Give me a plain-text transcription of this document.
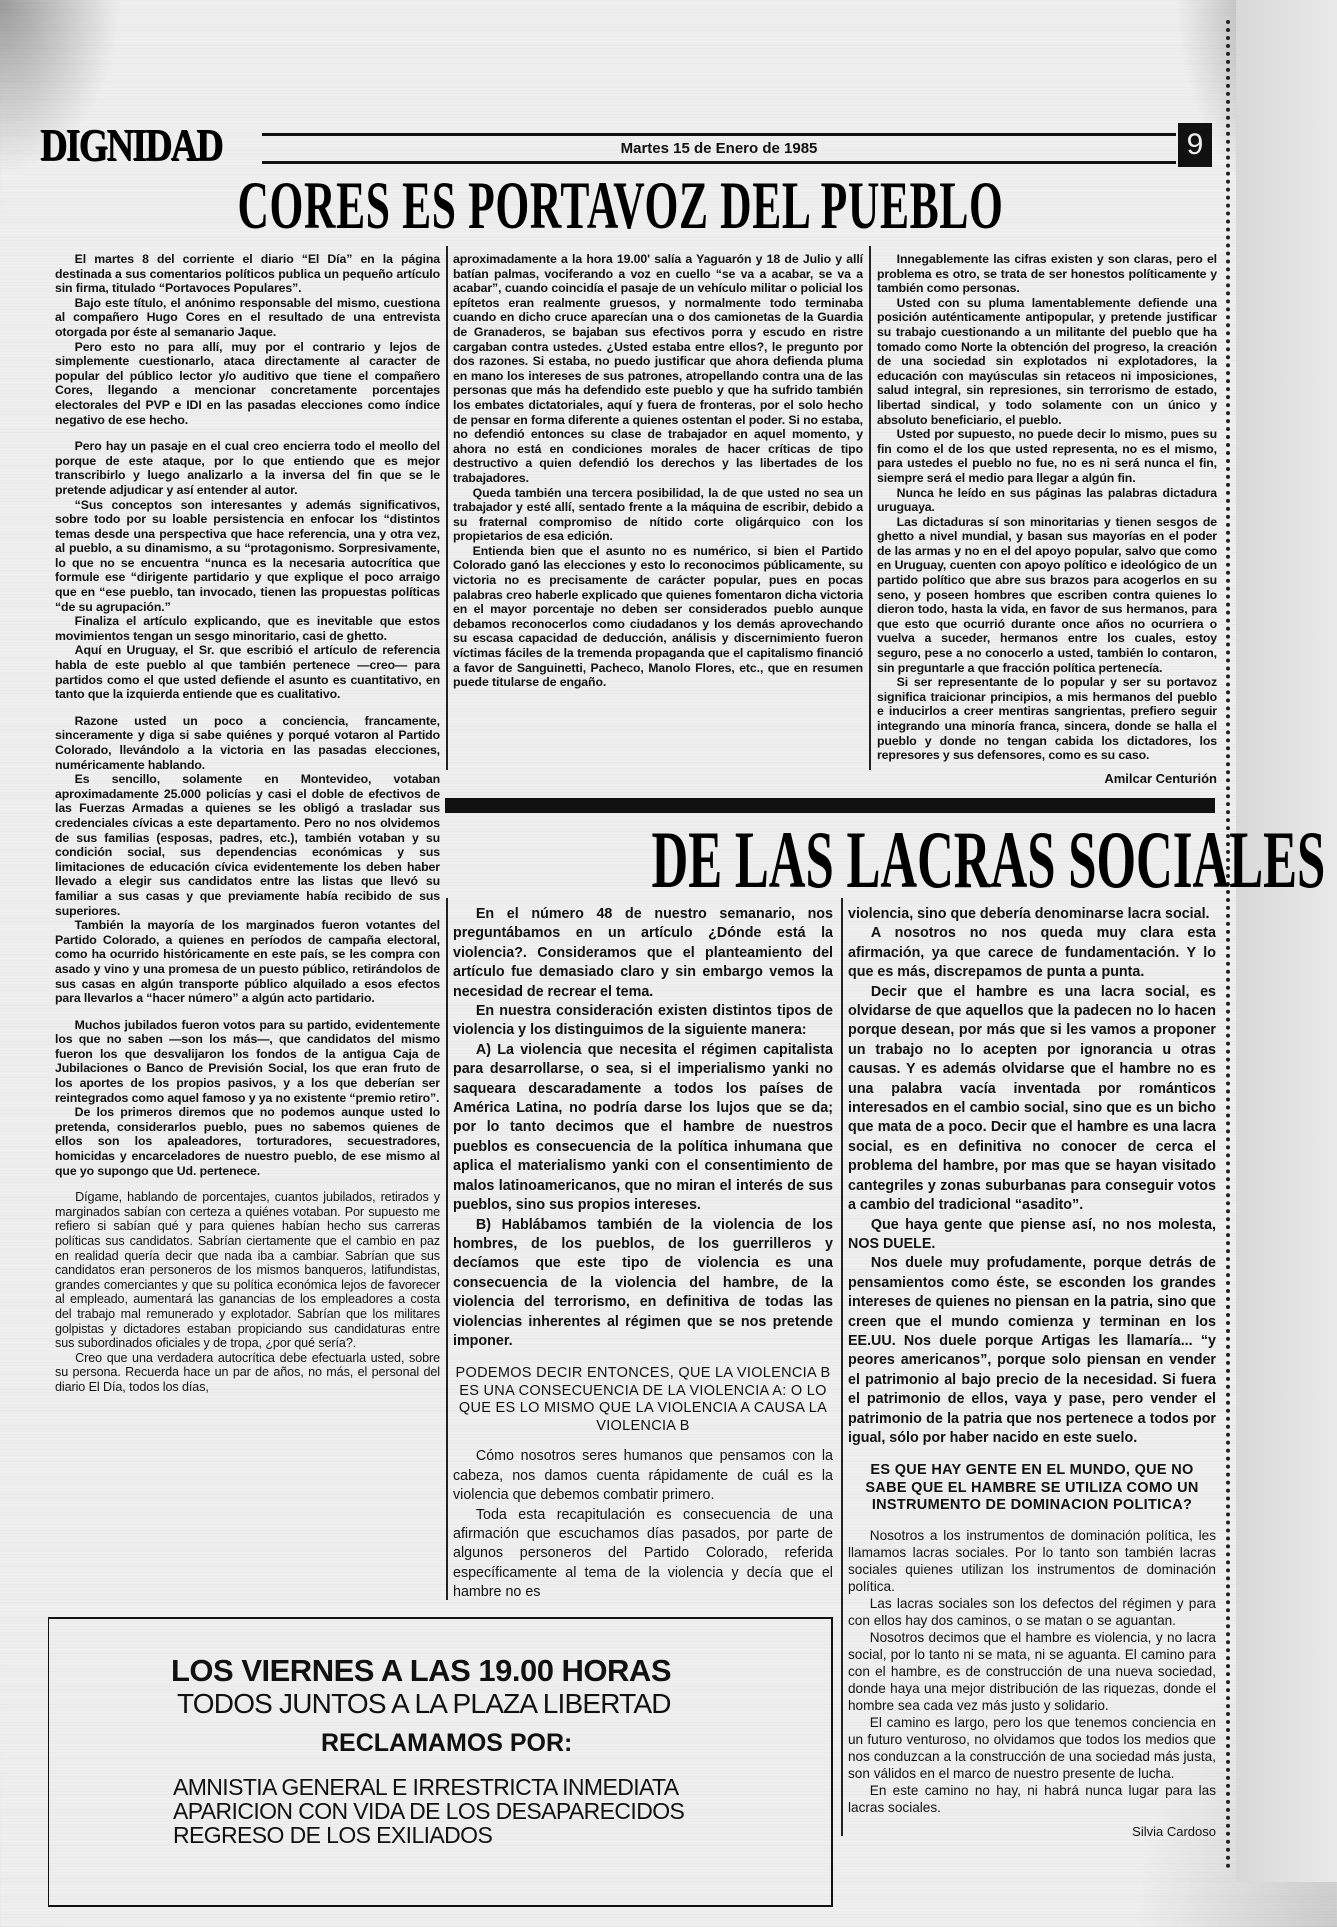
DIGNIDAD	Martes 15 de Enero de 1985	9
CORES ES PORTAVOZ DEL PUEBLO

El martes 8 del corriente el diario “El Día” en la página destinada a sus comentarios políticos publica un pequeño artículo sin firma, titulado “Portavoces Populares”.

Bajo este título, el anónimo responsable del mismo, cuestiona al compañero Hugo Cores en el resultado de una entrevista otorgada por éste al semanario Jaque.

Pero esto no para allí, muy por el contrario y lejos de simplemente cuestionarlo, ataca directamente al caracter de popular del público lector y/o auditivo que tiene el compañero Cores, llegando a mencionar concretamente porcentajes electorales del PVP e IDI en las pasadas elecciones como índice negativo de ese hecho.

Pero hay un pasaje en el cual creo encierra todo el meollo del porque de este ataque, por lo que entiendo que es mejor transcribirlo y luego analizarlo a la inversa del fin que se le pretende adjudicar y así entender al autor.

“Sus conceptos son interesantes y además significativos, sobre todo por su loable persistencia en enfocar los “distintos temas desde una perspectiva que hace referencia, una y otra vez, al pueblo, a su dinamismo, a su “protagonismo. Sorpresivamente, lo que no se encuentra “nunca es la necesaria autocrítica que formule ese “dirigente partidario y que explique el poco arraigo que en “ese pueblo, tan invocado, tienen las propuestas políticas “de su agrupación.”

Finaliza el artículo explicando, que es inevitable que estos movimientos tengan un sesgo minoritario, casi de ghetto.

Aquí en Uruguay, el Sr. que escribió el artículo de referencia habla de este pueblo al que también pertenece —creo— para partidos como el que usted defiende el asunto es cuantitativo, en tanto que la izquierda entiende que es cualitativo.

Razone usted un poco a conciencia, francamente, sinceramente y diga si sabe quiénes y porqué votaron al Partido Colorado, llevándolo a la victoria en las pasadas elecciones, numéricamente hablando.

Es sencillo, solamente en Montevideo, votaban aproximadamente 25.000 policías y casi el doble de efectivos de las Fuerzas Armadas a quienes se les obligó a trasladar sus credenciales cívicas a este departamento. Pero no nos olvidemos de sus familias (esposas, padres, etc.), también votaban y su condición social, sus dependencias económicas y sus limitaciones de educación cívica evidentemente los deben haber llevado a elegir sus candidatos entre las listas que llevó su familiar a sus casas y que previamente había recibido de sus superiores.

También la mayoría de los marginados fueron votantes del Partido Colorado, a quienes en períodos de campaña electoral, como ha ocurrido históricamente en este país, se les compra con asado y vino y una promesa de un puesto público, retirándolos de sus casas en algún transporte público alquilado a esos efectos para llevarlos a “hacer número” a algún acto partidario.

Muchos jubilados fueron votos para su partido, evidentemente los que no saben —son los más—, que candidatos del mismo fueron los que desvalijaron los fondos de la antigua Caja de Jubilaciones o Banco de Previsión Social, los que eran fruto de los aportes de los propios pasivos, y a los que deberían ser reintegrados como aquel famoso y ya no existente “premio retiro”.

De los primeros diremos que no podemos aunque usted lo pretenda, considerarlos pueblo, pues no sabemos quienes de ellos son los apaleadores, torturadores, secuestradores, homicidas y encarceladores de nuestro pueblo, de ese mismo al que yo supongo que Ud. pertenece.

Dígame, hablando de porcentajes, cuantos jubilados, retirados y marginados sabían con certeza a quiénes votaban. Por supuesto me refiero si sabían qué y para quienes habían hecho sus carreras políticas sus candidatos. Sabrían ciertamente que el cambio en paz en realidad quería decir que nada iba a cambiar. Sabrían que sus candidatos eran personeros de los mismos banqueros, latifundistas, grandes comerciantes y que su política económica lejos de favorecer al empleado, aumentará las ganancias de los empleadores a costa del trabajo mal remunerado y explotador. Sabrían que los militares golpistas y dictadores estaban propiciando sus candidaturas entre sus subordinados oficiales y de tropa, ¿por qué sería?.

Creo que una verdadera autocrítica debe efectuarla usted, sobre su persona. Recuerda hace un par de años, no más, el personal del diario El Día, todos los días,

aproximadamente a la hora 19.00' salía a Yaguarón y 18 de Julio y allí batían palmas, vociferando a voz en cuello “se va a acabar, se va a acabar”, cuando coincidía el pasaje de un vehículo militar o policial los epítetos eran realmente gruesos, y normalmente todo terminaba cuando en dicho cruce aparecían una o dos camionetas de la Guardia de Granaderos, se bajaban sus efectivos porra y escudo en ristre cargaban contra ustedes. ¿Usted estaba entre ellos?, le pregunto por dos razones. Si estaba, no puedo justificar que ahora defienda pluma en mano los intereses de sus patrones, atropellando contra una de las personas que más ha defendido este pueblo y que ha sufrido también los embates dictatoriales, aquí y fuera de fronteras, por el solo hecho de pensar en forma diferente a quienes ostentan el poder. Si no estaba, no defendió entonces su clase de trabajador en aquel momento, y ahora no está en condiciones morales de hacer críticas de tipo destructivo a quien defendió los derechos y las libertades de los trabajadores.

Queda también una tercera posibilidad, la de que usted no sea un trabajador y esté allí, sentado frente a la máquina de escribir, debido a su fraternal compromiso de nítido corte oligárquico con los propietarios de esa edición.

Entienda bien que el asunto no es numérico, si bien el Partido Colorado ganó las elecciones y esto lo reconocimos públicamente, su victoria no es precisamente de carácter popular, pues en pocas palabras creo haberle explicado que quienes fomentaron dicha victoria en el mayor porcentaje no deben ser considerados pueblo aunque debamos reconocerlos como ciudadanos y los demás aprovechando su escasa capacidad de deducción, análisis y discernimiento fueron víctimas fáciles de la tremenda propaganda que el capitalismo financió a favor de Sanguinetti, Pacheco, Manolo Flores, etc., que en resumen puede titularse de engaño.

Innegablemente las cifras existen y son claras, pero el problema es otro, se trata de ser honestos políticamente y también como personas.

Usted con su pluma lamentablemente defiende una posición auténticamente antipopular, y pretende justificar su trabajo cuestionando a un militante del pueblo que ha tomado como Norte la obtención del progreso, la creación de una sociedad sin explotados ni explotadores, la educación con mayúsculas sin retaceos ni imposiciones, salud integral, sin represiones, sin terrorismo de estado, libertad sindical, y todo solamente con un único y absoluto beneficiario, el pueblo.

Usted por supuesto, no puede decir lo mismo, pues su fin como el de los que usted representa, no es el mismo, para ustedes el pueblo no fue, no es ni será nunca el fin, siempre será el medio para llegar a algún fin.

Nunca he leído en sus páginas las palabras dictadura uruguaya.

Las dictaduras sí son minoritarias y tienen sesgos de ghetto a nivel mundial, y basan sus mayorías en el poder de las armas y no en el del apoyo popular, salvo que como en Uruguay, cuenten con apoyo político e ideológico de un partido político que abre sus brazos para acogerlos en su seno, y poseen hombres que escriben contra quienes lo dieron todo, hasta la vida, en favor de sus hermanos, para que esto que ocurrió durante once años no ocurriera o vuelva a suceder, hermanos entre los cuales, estoy seguro, pese a no conocerlo a usted, también lo contaron, sin preguntarle a que fracción política pertenecía.

Si ser representante de lo popular y ser su portavoz significa traicionar principios, a mis hermanos del pueblo e inducirlos a creer mentiras sangrientas, prefiero seguir integrando una minoría franca, sincera, donde se halla el pueblo y donde no tengan cabida los dictadores, los represores y sus defensores, como es su caso.

Amilcar Centurión
DE LAS LACRAS SOCIALES

En el número 48 de nuestro semanario, nos preguntábamos en un artículo ¿Dónde está la violencia?. Consideramos que el planteamiento del artículo fue demasiado claro y sin embargo vemos la necesidad de recrear el tema.

En nuestra consideración existen distintos tipos de violencia y los distinguimos de la siguiente manera:

A) La violencia que necesita el régimen capitalista para desarrollarse, o sea, si el imperialismo yanki no saqueara descaradamente a todos los países de América Latina, no podría darse los lujos que se da; por lo tanto decimos que el hambre de nuestros pueblos es consecuencia de la política inhumana que aplica el materialismo yanki con el consentimiento de malos latinoamericanos, que no miran el interés de sus pueblos, sino sus propios intereses.

B) Hablábamos también de la violencia de los hombres, de los pueblos, de los guerrilleros y decíamos que este tipo de violencia es una consecuencia de la violencia del hambre, de la violencia del terrorismo, en definitiva de todas las violencias inherentes al régimen que se nos pretende imponer.

PODEMOS DECIR ENTONCES, QUE LA VIOLENCIA B ES UNA CONSECUENCIA DE LA VIOLENCIA A: O LO QUE ES LO MISMO QUE LA VIOLENCIA A CAUSA LA VIOLENCIA B

Cómo nosotros seres humanos que pensamos con la cabeza, nos damos cuenta rápidamente de cuál es la violencia que debemos combatir primero.

Toda esta recapitulación es consecuencia de una afirmación que escuchamos días pasados, por parte de algunos personeros del Partido Colorado, referida específicamente al tema de la violencia y decía que el hambre no es

violencia, sino que debería denominarse lacra social.

A nosotros no nos queda muy clara esta afirmación, ya que carece de fundamentación. Y lo que es más, discrepamos de punta a punta.

Decir que el hambre es una lacra social, es olvidarse de que aquellos que la padecen no lo hacen porque desean, por más que si les vamos a proponer un trabajo no lo acepten por ignorancia u otras causas. Y es además olvidarse que el hambre no es una palabra vacía inventada por románticos interesados en el cambio social, sino que es un bicho que mata de a poco. Decir que el hambre es una lacra social, es en definitiva no conocer de cerca el problema del hambre, por mas que se hayan visitado cantegriles y zonas suburbanas para conseguir votos a cambio del tradicional “asadito”.

Que haya gente que piense así, no nos molesta, NOS DUELE.

Nos duele muy profudamente, porque detrás de pensamientos como éste, se esconden los grandes intereses de quienes no piensan en la patria, sino que creen que el mundo comienza y terminan en los EE.UU. Nos duele porque Artigas les llamaría... “y peores americanos”, porque solo piensan en vender el patrimonio al bajo precio de la necesidad. Si fuera el patrimonio de ellos, vaya y pase, pero vender el patrimonio de la patria que nos pertenece a todos por igual, sólo por haber nacido en este suelo.

ES QUE HAY GENTE EN EL MUNDO, QUE NO SABE QUE EL HAMBRE SE UTILIZA COMO UN INSTRUMENTO DE DOMINACION POLITICA?

Nosotros a los instrumentos de dominación política, les llamamos lacras sociales. Por lo tanto son también lacras sociales quienes utilizan los instrumentos de dominación política.

Las lacras sociales son los defectos del régimen y para con ellos hay dos caminos, o se matan o se aguantan.

Nosotros decimos que el hambre es violencia, y no lacra social, por lo tanto ni se mata, ni se aguanta. El camino para con el hambre, es de construcción de una nueva sociedad, donde haya una mejor distribución de las riquezas, donde el hombre sea cada vez más justo y solidario.

El camino es largo, pero los que tenemos conciencia en un futuro venturoso, no olvidamos que todos los medios que nos conduzcan a la construcción de una sociedad más justa, son válidos en el marco de nuestro presente de lucha.

En este camino no hay, ni habrá nunca lugar para las lacras sociales.

Silvia Cardoso
LOS VIERNES A LAS 19.00 HORAS
TODOS JUNTOS A LA PLAZA LIBERTAD
RECLAMAMOS POR:
AMNISTIA GENERAL E IRRESTRICTA INMEDIATA
APARICION CON VIDA DE LOS DESAPARECIDOS
REGRESO DE LOS EXILIADOS
